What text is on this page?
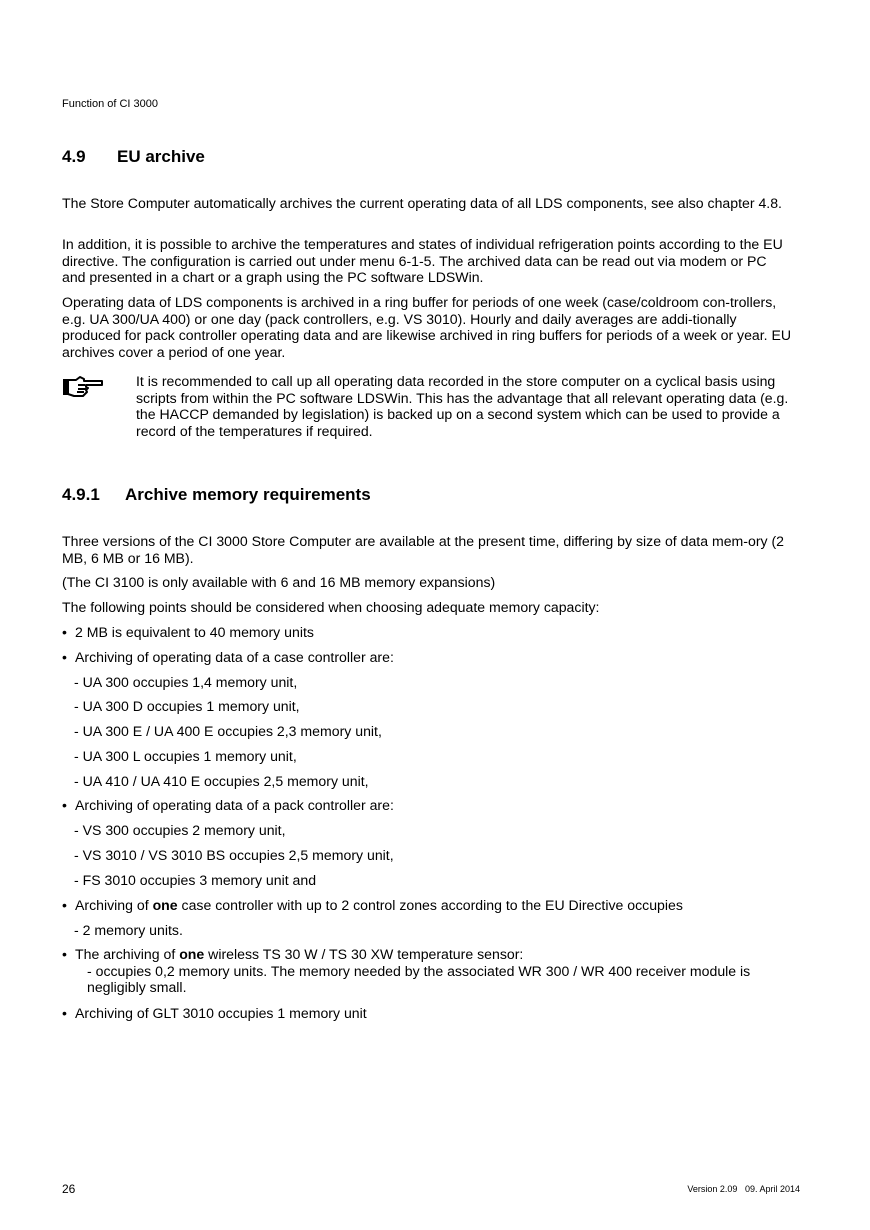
Function of CI 3000
4.9	EU archive
The Store Computer automatically archives the current operating data of all LDS components, see also chapter 4.8.
In addition, it is possible to archive the temperatures and states of individual refrigeration points according to the EU directive. The configuration is carried out under menu 6-1-5. The archived data can be read out via modem or PC and presented in a chart or a graph using the PC software LDSWin.
Operating data of LDS components is archived in a ring buffer for periods of one week (case/coldroom con-trollers, e.g. UA 300/UA 400) or one day (pack controllers, e.g. VS 3010). Hourly and daily averages are addi-tionally produced for pack controller operating data and are likewise archived in ring buffers for periods of a week or year. EU archives cover a period of one year.
It is recommended to call up all operating data recorded in the store computer on a cyclical basis using scripts from within the PC software LDSWin. This has the advantage that all relevant operating data (e.g. the HACCP demanded by legislation) is backed up on a second system which can be used to provide a record of the temperatures if required.
4.9.1	Archive memory requirements
Three versions of the CI 3000 Store Computer are available at the present time, differing by size of data mem-ory (2 MB, 6 MB or 16 MB).
(The CI 3100 is only available with 6 and 16 MB memory expansions)
The following points should be considered when choosing adequate memory capacity:
• 2 MB is equivalent to 40 memory units
• Archiving of operating data of a case controller are:
- UA 300 occupies 1,4 memory unit,
- UA 300 D occupies 1 memory unit,
- UA 300 E / UA 400 E occupies 2,3 memory unit,
- UA 300 L occupies 1 memory unit,
- UA 410 / UA 410 E occupies 2,5 memory unit,
• Archiving of operating data of a pack controller are:
- VS 300 occupies 2 memory unit,
- VS 3010 / VS 3010 BS occupies 2,5 memory unit,
- FS 3010 occupies 3 memory unit and
• Archiving of one case controller with up to 2 control zones according to the EU Directive occupies
- 2 memory units.
• The archiving of one wireless TS 30 W / TS 30 XW temperature sensor:
- occupies 0,2 memory units. The memory needed by the associated WR 300 / WR 400 receiver module is negligibly small.
• Archiving of GLT 3010 occupies 1 memory unit
26	Version 2.09   09. April 2014
